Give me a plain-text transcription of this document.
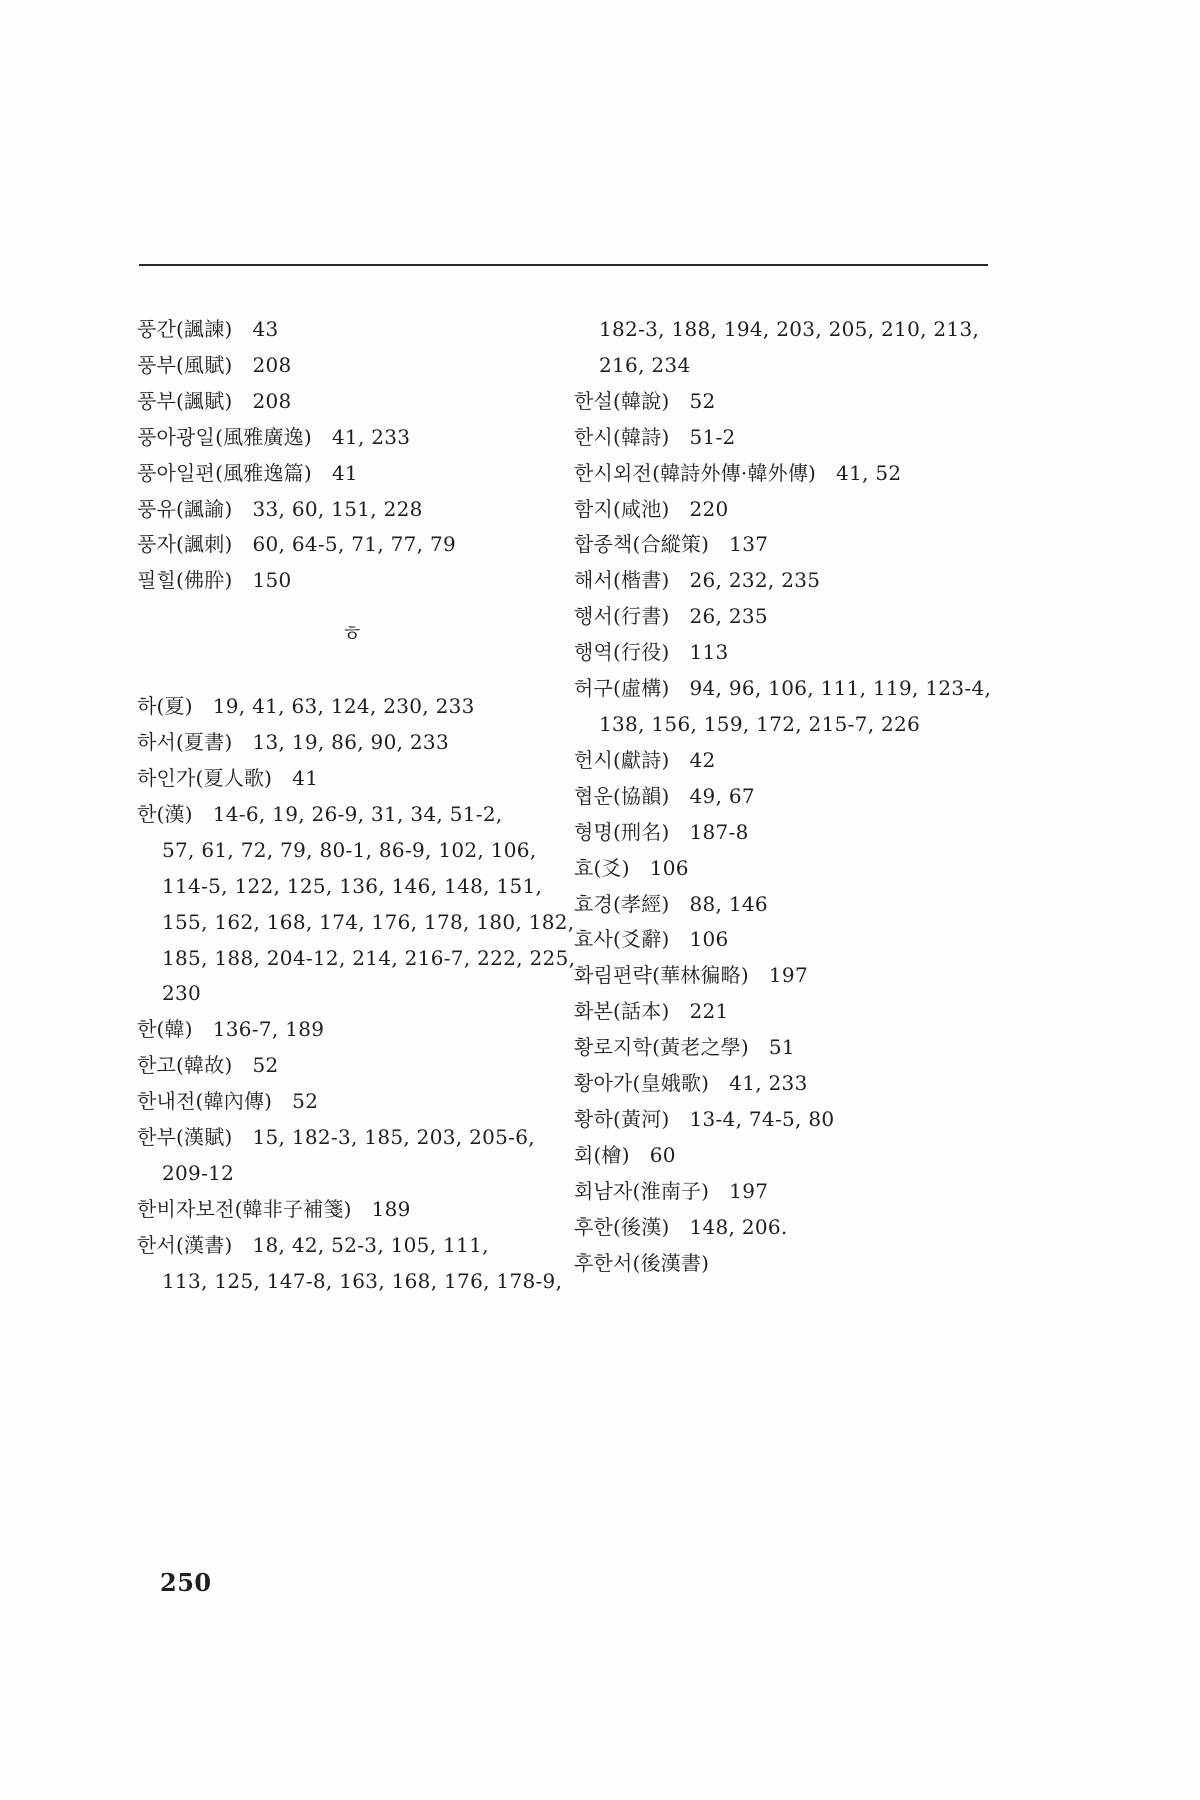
풍간(諷諫) 43
풍부(風賦) 208
풍부(諷賦) 208
풍아광일(風雅廣逸) 41, 233
풍아일편(風雅逸篇) 41
풍유(諷諭) 33, 60, 151, 228
풍자(諷刺) 60, 64-5, 71, 77, 79
필힐(佛肸) 150
ㅎ
하(夏) 19, 41, 63, 124, 230, 233
하서(夏書) 13, 19, 86, 90, 233
하인가(夏人歌) 41
한(漢) 14-6, 19, 26-9, 31, 34, 51-2,
57, 61, 72, 79, 80-1, 86-9, 102, 106,
114-5, 122, 125, 136, 146, 148, 151,
155, 162, 168, 174, 176, 178, 180, 182,
185, 188, 204-12, 214, 216-7, 222, 225,
230
한(韓) 136-7, 189
한고(韓故) 52
한내전(韓內傳) 52
한부(漢賦) 15, 182-3, 185, 203, 205-6,
209-12
한비자보전(韓非子補箋) 189
한서(漢書) 18, 42, 52-3, 105, 111,
113, 125, 147-8, 163, 168, 176, 178-9,
182-3, 188, 194, 203, 205, 210, 213,
216, 234
한설(韓說) 52
한시(韓詩) 51-2
한시외전(韓詩外傳·韓外傳) 41, 52
함지(咸池) 220
합종책(合縱策) 137
해서(楷書) 26, 232, 235
행서(行書) 26, 235
행역(行役) 113
허구(虛構) 94, 96, 106, 111, 119, 123-4,
138, 156, 159, 172, 215-7, 226
헌시(獻詩) 42
협운(協韻) 49, 67
형명(刑名) 187-8
효(爻) 106
효경(孝經) 88, 146
효사(爻辭) 106
화림편략(華林徧略) 197
화본(話本) 221
황로지학(黃老之學) 51
황아가(皇娥歌) 41, 233
황하(黃河) 13-4, 74-5, 80
회(檜) 60
회남자(淮南子) 197
후한(後漢) 148, 206.
후한서(後漢書)
250
